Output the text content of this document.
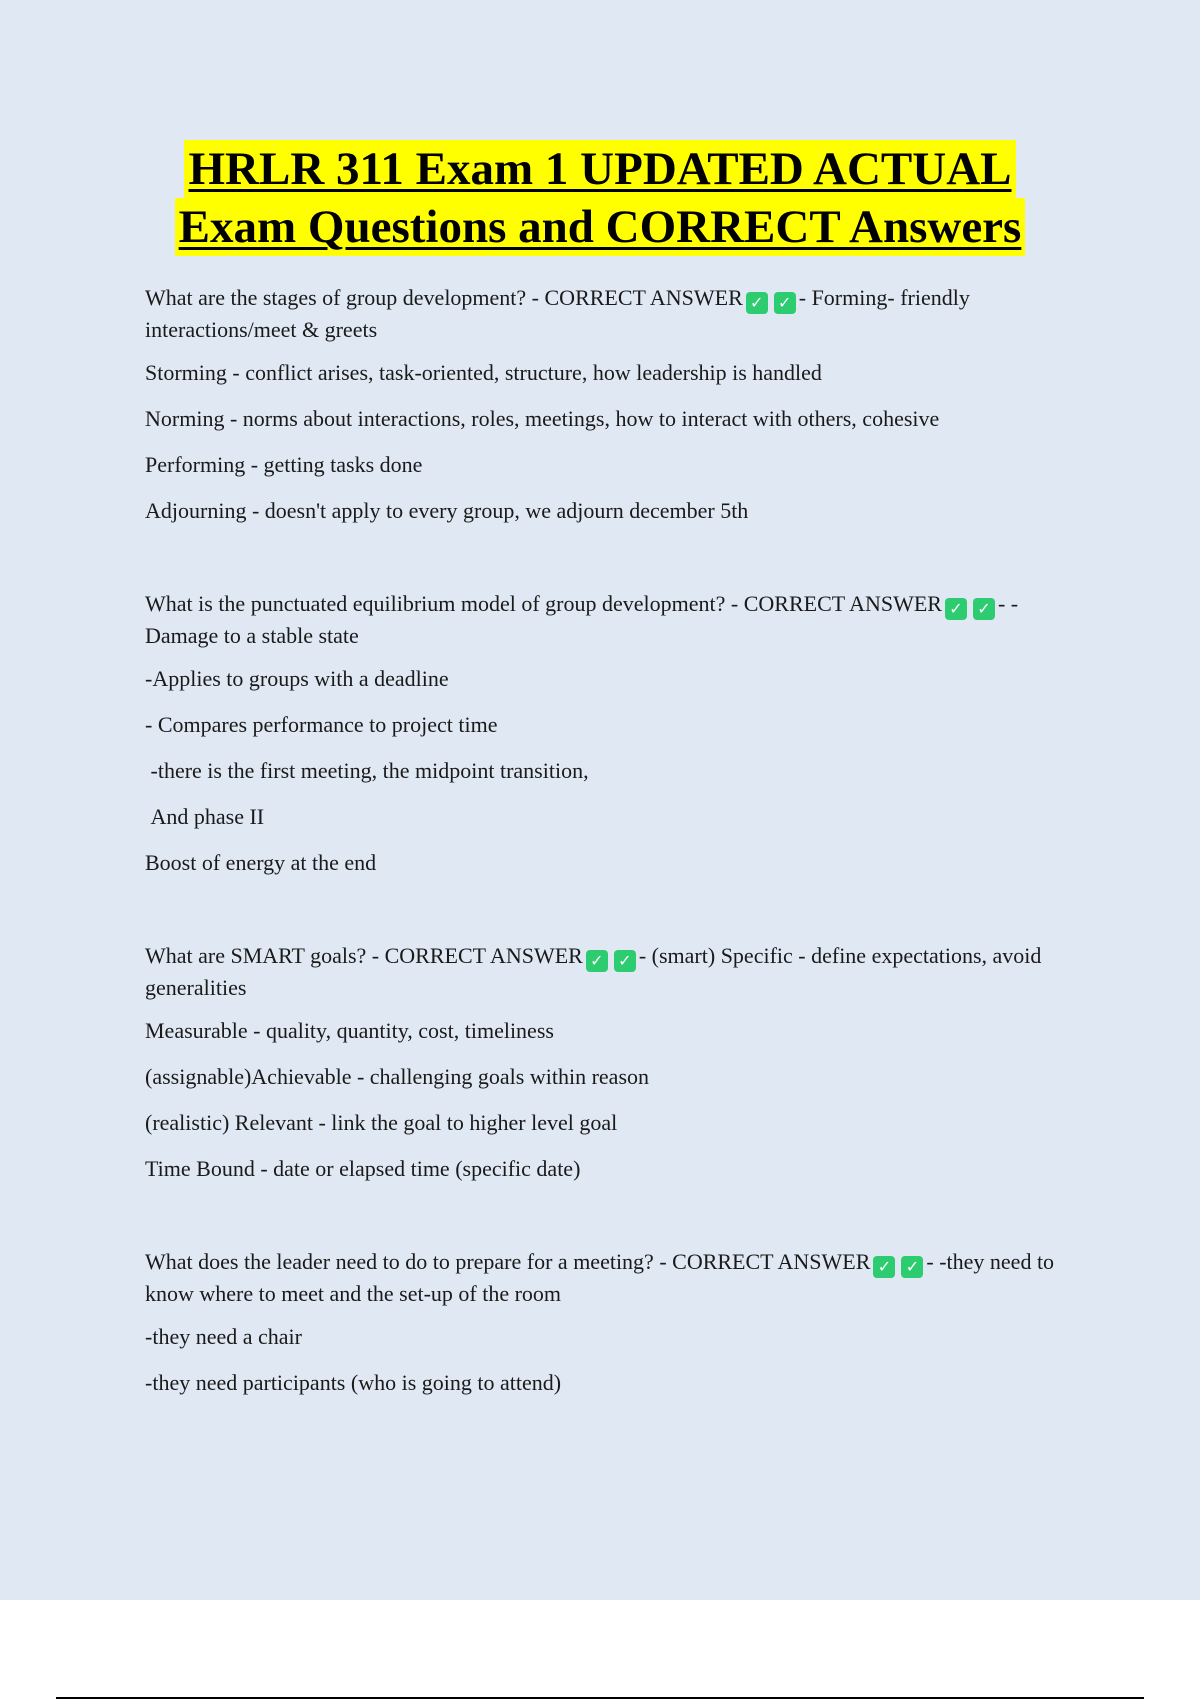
HRLR 311 Exam 1 UPDATED ACTUAL
Exam Questions and CORRECT Answers

What are the stages of group development? - CORRECT ANSWER ✓ ✓ - Forming- friendly interactions/meet & greets

Storming - conflict arises, task-oriented, structure, how leadership is handled

Norming - norms about interactions, roles, meetings, how to interact with others, cohesive

Performing - getting tasks done

Adjourning - doesn't apply to every group, we adjourn december 5th

What is the punctuated equilibrium model of group development? - CORRECT ANSWER ✓ ✓ - - Damage to a stable state

-Applies to groups with a deadline

- Compares performance to project time

-there is the first meeting, the midpoint transition,

And phase II

Boost of energy at the end

What are SMART goals? - CORRECT ANSWER ✓ ✓ - (smart) Specific - define expectations, avoid generalities

Measurable - quality, quantity, cost, timeliness

(assignable)Achievable - challenging goals within reason

(realistic) Relevant - link the goal to higher level goal

Time Bound - date or elapsed time (specific date)

What does the leader need to do to prepare for a meeting? - CORRECT ANSWER ✓ ✓ - -they need to know where to meet and the set-up of the room

-they need a chair

-they need participants (who is going to attend)
